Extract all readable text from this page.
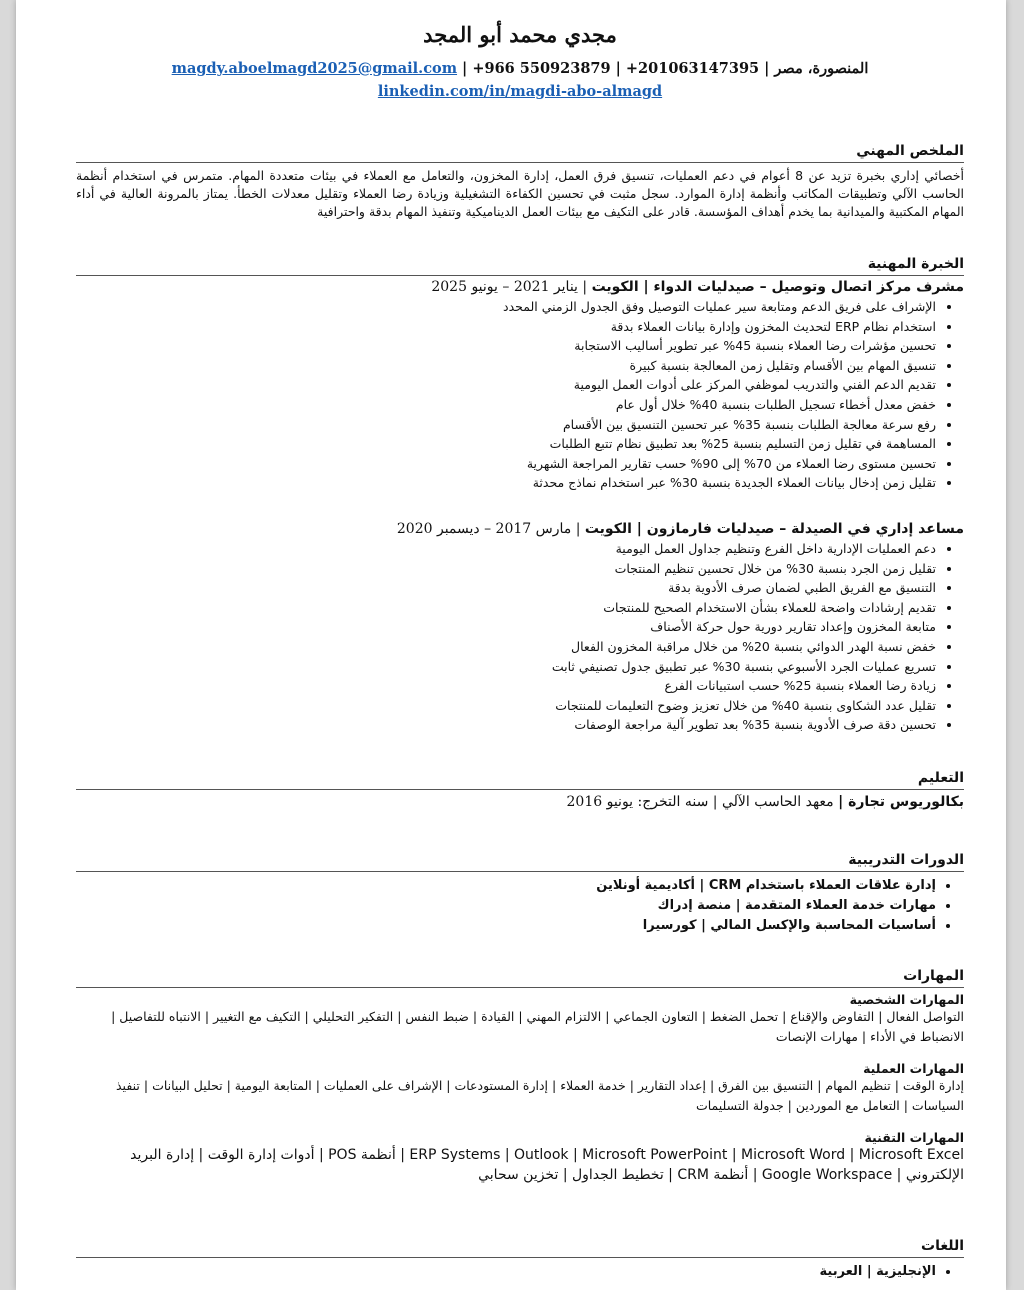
مجدي محمد أبو المجد
المنصورة، مصر|201063147395+|+966 550923879|magdy.aboelmagd2025@gmail.com
linkedin.com/in/magdi-abo-almagd
الملخص المهني
أخصائي إداري بخبرة تزيد عن 8 أعوام في دعم العمليات، تنسيق فرق العمل، إدارة المخزون، والتعامل مع العملاء في بيئات متعددة المهام. متمرس في استخدام أنظمة الحاسب الآلي وتطبيقات المكاتب وأنظمة إدارة الموارد. سجل مثبت في تحسين الكفاءة التشغيلية وزيادة رضا العملاء وتقليل معدلات الخطأ. يمتاز بالمرونة العالية في أداء المهام المكتبية والميدانية بما يخدم أهداف المؤسسة. قادر على التكيف مع بيئات العمل الديناميكية وتنفيذ المهام بدقة واحترافية
الخبرة المهنية
مشرف مركز اتصال وتوصيل – صيدليات الدواء | الكويت | يناير 2021 – يونيو 2025
• الإشراف على فريق الدعم ومتابعة سير عمليات التوصيل وفق الجدول الزمني المحدد
• استخدام نظام ERP لتحديث المخزون وإدارة بيانات العملاء بدقة
• تحسين مؤشرات رضا العملاء بنسبة 45% عبر تطوير أساليب الاستجابة
• تنسيق المهام بين الأقسام وتقليل زمن المعالجة بنسبة كبيرة
• تقديم الدعم الفني والتدريب لموظفي المركز على أدوات العمل اليومية
• خفض معدل أخطاء تسجيل الطلبات بنسبة 40% خلال أول عام
• رفع سرعة معالجة الطلبات بنسبة 35% عبر تحسين التنسيق بين الأقسام
• المساهمة في تقليل زمن التسليم بنسبة 25% بعد تطبيق نظام تتبع الطلبات
• تحسين مستوى رضا العملاء من 70% إلى 90% حسب تقارير المراجعة الشهرية
• تقليل زمن إدخال بيانات العملاء الجديدة بنسبة 30% عبر استخدام نماذج محدثة
مساعد إداري في الصيدلة – صيدليات فارمازون | الكويت | مارس 2017 – ديسمبر 2020
• دعم العمليات الإدارية داخل الفرع وتنظيم جداول العمل اليومية
• تقليل زمن الجرد بنسبة 30% من خلال تحسين تنظيم المنتجات
• التنسيق مع الفريق الطبي لضمان صرف الأدوية بدقة
• تقديم إرشادات واضحة للعملاء بشأن الاستخدام الصحيح للمنتجات
• متابعة المخزون وإعداد تقارير دورية حول حركة الأصناف
• خفض نسبة الهدر الدوائي بنسبة 20% من خلال مراقبة المخزون الفعال
• تسريع عمليات الجرد الأسبوعي بنسبة 30% عبر تطبيق جدول تصنيفي ثابت
• زيادة رضا العملاء بنسبة 25% حسب استبيانات الفرع
• تقليل عدد الشكاوى بنسبة 40% من خلال تعزيز وضوح التعليمات للمنتجات
• تحسين دقة صرف الأدوية بنسبة 35% بعد تطوير آلية مراجعة الوصفات
التعليم
بكالوريوس تجارة | معهد الحاسب الآلي | سنه التخرج: يونيو 2016
الدورات التدريبية
• إدارة علاقات العملاء باستخدام CRM | أكاديمية أونلاين
• مهارات خدمة العملاء المتقدمة | منصة إدراك
• أساسيات المحاسبة والإكسل المالي | كورسيرا
المهارات
المهارات الشخصية
التواصل الفعال | التفاوض والإقناع | تحمل الضغط | التعاون الجماعي | الالتزام المهني | القيادة | ضبط النفس | التفكير التحليلي | التكيف مع التغيير | الانتباه للتفاصيل | الانضباط في الأداء | مهارات الإنصات
المهارات العملية
إدارة الوقت | تنظيم المهام | التنسيق بين الفرق | إعداد التقارير | خدمة العملاء | إدارة المستودعات | الإشراف على العمليات | المتابعة اليومية | تحليل البيانات | تنفيذ السياسات | التعامل مع الموردين | جدولة التسليمات
المهارات التقنية
ERP Systems | Outlook | Microsoft PowerPoint | Microsoft Word | Microsoft Excel | أنظمة POS | أدوات إدارة الوقت | إدارة البريد الإلكتروني | Google Workspace | أنظمة CRM | تخطيط الجداول | تخزين سحابي
اللغات
• الإنجليزية | العربية
